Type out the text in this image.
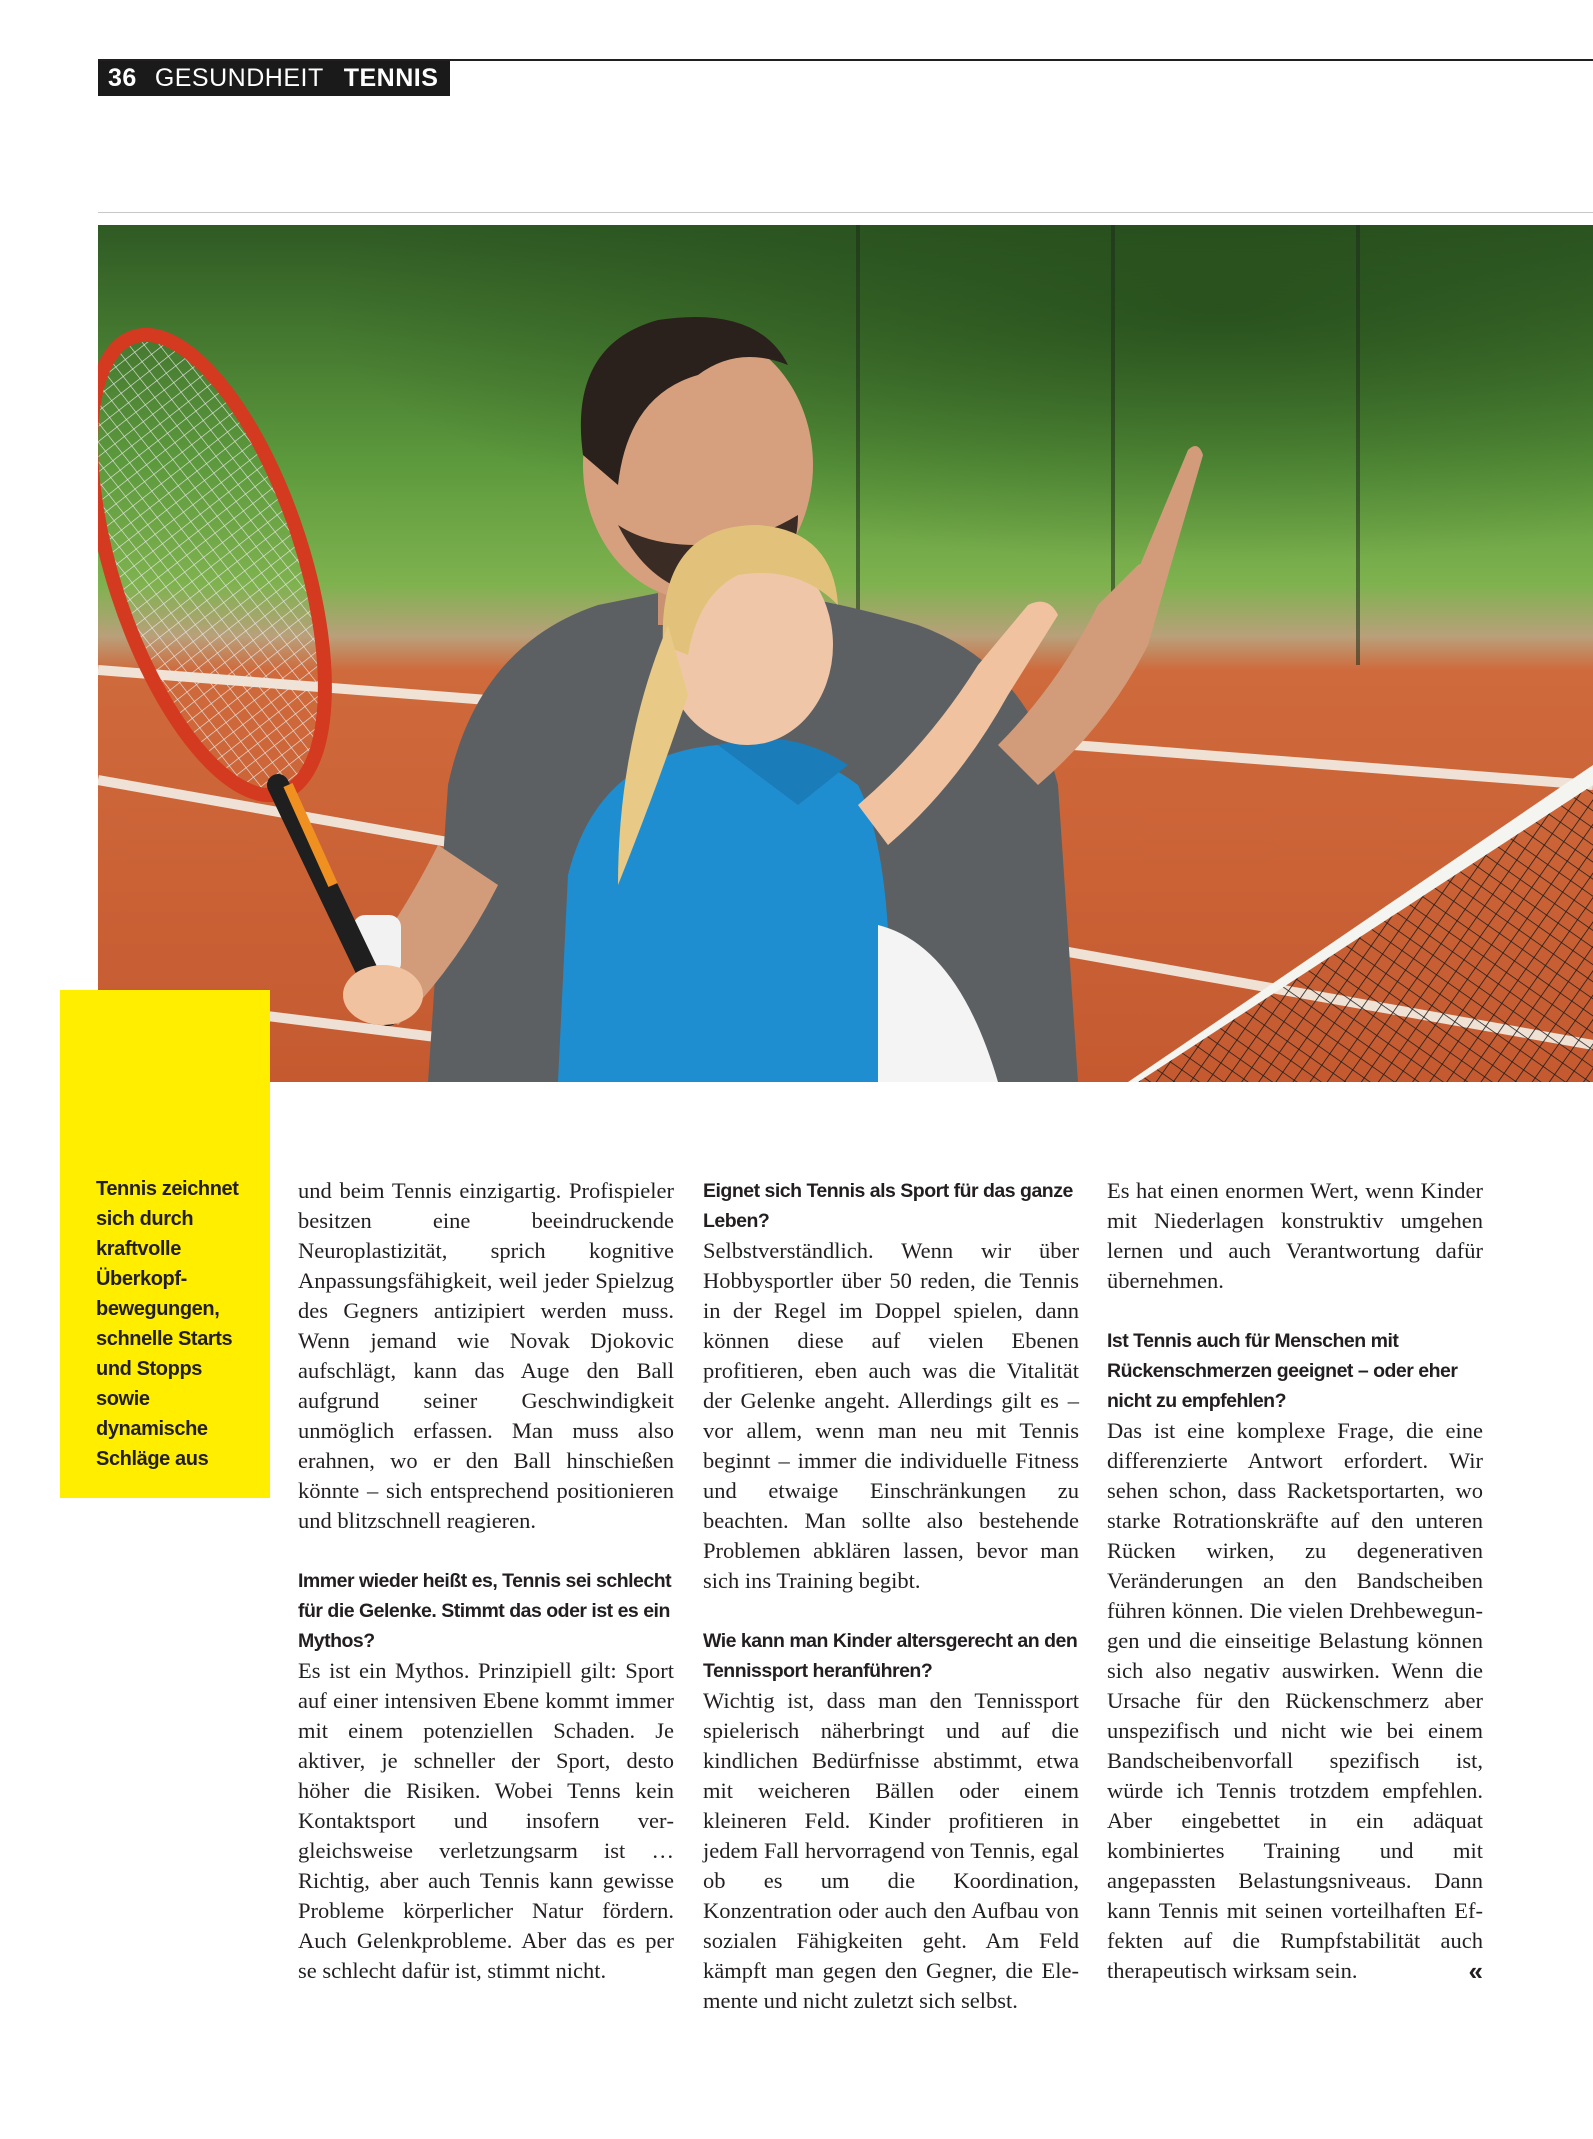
36 GESUNDHEIT TENNIS
Tennis zeichnet sich durch kraftvolle Überkopfbewegungen, schnelle Starts und Stopps sowie dynamische Schläge aus

und beim Tennis einzigartig. Profispieler besitzen eine beeindruckende Neuroplastizität, sprich kognitive Anpassungsfähigkeit, weil jeder Spielzug des Gegners antizipiert werden muss. Wenn jemand wie Novak Djokovic aufschlägt, kann das Auge den Ball aufgrund seiner Geschwindigkeit unmöglich erfassen. Man muss also erahnen, wo er den Ball hinschießen könnte – sich entsprechend positionieren und blitzschnell reagieren.

Immer wieder heißt es, Tennis sei schlecht für die Gelenke. Stimmt das oder ist es ein Mythos?

Es ist ein Mythos. Prinzipiell gilt: Sport auf einer intensiven Ebene kommt immer mit einem potenziellen Schaden. Je aktiver, je schneller der Sport, desto höher die Risiken. Wobei Tenns kein Kontaktsport und insofern vergleichsweise verletzungsarm ist … Richtig, aber auch Tennis kann gewisse Probleme körperlicher Natur fördern. Auch Gelenkprobleme. Aber das es per se schlecht dafür ist, stimmt nicht.

Eignet sich Tennis als Sport für das ganze Leben?

Selbstverständlich. Wenn wir über Hobbysportler über 50 reden, die Tennis in der Regel im Doppel spielen, dann können diese auf vielen Ebenen profitieren, eben auch was die Vitalität der Gelenke angeht. Allerdings gilt es – vor allem, wenn man neu mit Tennis beginnt – immer die individuelle Fitness und etwaige Einschränkungen zu beachten. Man sollte also bestehende Problemen abklären lassen, bevor man sich ins Training begibt.

Wie kann man Kinder altersgerecht an den Tennissport heranführen?

Wichtig ist, dass man den Tennissport spielerisch näherbringt und auf die kindlichen Bedürfnisse abstimmt, etwa mit weicheren Bällen oder einem kleineren Feld. Kinder profitieren in jedem Fall hervorragend von Tennis, egal ob es um die Koordination, Konzentration oder auch den Aufbau von sozialen Fähigkeiten geht. Am Feld kämpft man gegen den Gegner, die Elemente und nicht zuletzt sich selbst.

Es hat einen enormen Wert, wenn Kinder mit Niederlagen konstruktiv umgehen lernen und auch Verantwortung dafür übernehmen.

Ist Tennis auch für Menschen mit Rückenschmerzen geeignet – oder eher nicht zu empfehlen?

Das ist eine komplexe Frage, die eine differenzierte Antwort erfordert. Wir sehen schon, dass Racketsportarten, wo starke Rotrationskräfte auf den unteren Rücken wirken, zu degenerativen Veränderungen an den Bandscheiben führen können. Die vielen Drehbewegungen und die einseitige Belastung können sich also negativ auswirken. Wenn die Ursache für den Rückenschmerz aber unspezifisch und nicht wie bei einem Bandscheibenvorfall spezifisch ist, würde ich Tennis trotzdem empfehlen. Aber eingebettet in ein adäquat kombiniertes Training und mit angepassten Belastungsniveaus. Dann kann Tennis mit seinen vorteilhaften Effekten auf die Rumpfstabilität auch therapeutisch wirksam sein.	«
